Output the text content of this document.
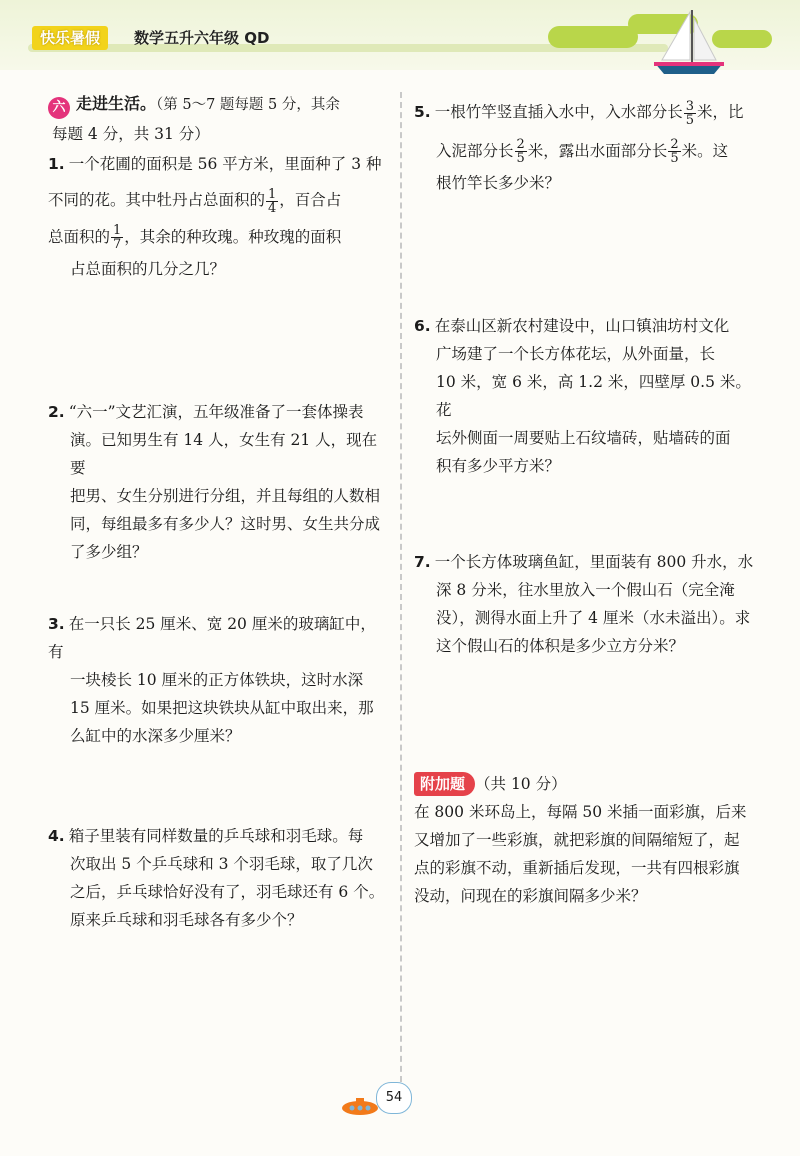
快乐暑假	数学五升六年级 QD
六 走进生活。（第 5～7 题每题 5 分，其余
每题 4 分，共 31 分）
1. 一个花圃的面积是 56 平方米，里面种了 3 种
不同的花。其中牡丹占总面积的 $\frac{1}{4}$ ，百合占
总面积的 $\frac{1}{7}$ ，其余的种玫瑰。种玫瑰的面积
占总面积的几分之几？
2. “六一”文艺汇演，五年级准备了一套体操表
演。已知男生有 14 人，女生有 21 人，现在要
把男、女生分别进行分组，并且每组的人数相
同，每组最多有多少人？这时男、女生共分成
了多少组？
3. 在一只长 25 厘米、宽 20 厘米的玻璃缸中，有
一块棱长 10 厘米的正方体铁块，这时水深
15 厘米。如果把这块铁块从缸中取出来，那
么缸中的水深多少厘米？
4. 箱子里装有同样数量的乒乓球和羽毛球。每
次取出 5 个乒乓球和 3 个羽毛球，取了几次
之后，乒乓球恰好没有了，羽毛球还有 6 个。
原来乒乓球和羽毛球各有多少个？
5. 一根竹竿竖直插入水中，入水部分长 $\frac{3}{5}$ 米，比
入泥部分长 $\frac{2}{5}$ 米，露出水面部分长 $\frac{2}{5}$ 米。这
根竹竿长多少米？
6. 在泰山区新农村建设中，山口镇油坊村文化
广场建了一个长方体花坛，从外面量，长
10 米，宽 6 米，高 1.2 米，四壁厚 0.5 米。花
坛外侧面一周要贴上石纹墙砖，贴墙砖的面
积有多少平方米？
7. 一个长方体玻璃鱼缸，里面装有 800 升水，水
深 8 分米，往水里放入一个假山石（完全淹
没），测得水面上升了 4 厘米（水未溢出）。求
这个假山石的体积是多少立方分米？
附加题 （共 10 分）
在 800 米环岛上，每隔 50 米插一面彩旗，后来
又增加了一些彩旗，就把彩旗的间隔缩短了，起
点的彩旗不动，重新插后发现，一共有四根彩旗
没动，问现在的彩旗间隔多少米？
54
